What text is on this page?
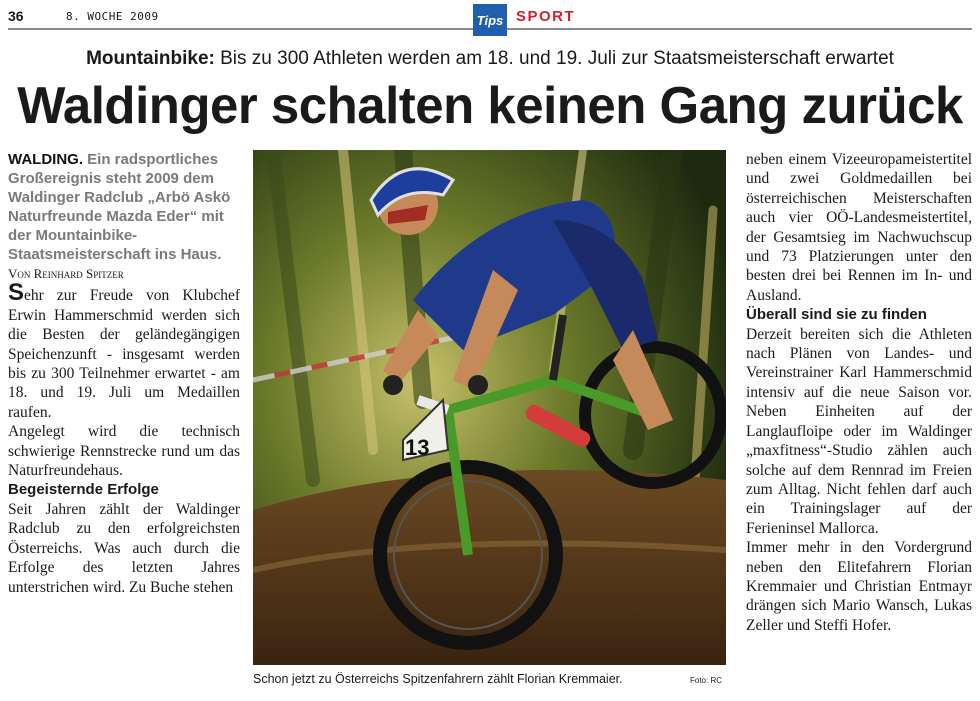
36	8. WOCHE 2009	Tips SPORT
Mountainbike: Bis zu 300 Athleten werden am 18. und 19. Juli zur Staatsmeisterschaft erwartet
Waldinger schalten keinen Gang zurück

WALDING. Ein radsportliches Großereignis steht 2009 dem Waldinger Radclub „Arbö Askö Naturfreunde Mazda Eder“ mit der Mountainbike-Staatsmeisterschaft ins Haus.

Von Reinhard Spitzer

Sehr zur Freude von Klubchef Erwin Hammerschmid werden sich die Besten der geländegängigen Speichenzunft - insgesamt werden bis zu 300 Teilnehmer erwartet - am 18. und 19. Juli um Medaillen raufen.

Angelegt wird die technisch schwierige Rennstrecke rund um das Naturfreundehaus.

Begeisternde Erfolge

Seit Jahren zählt der Waldinger Radclub zu den erfolgreichsten Österreichs. Was auch durch die Erfolge des letzten Jahres unterstrichen wird. Zu Buche stehen

13
Schon jetzt zu Österreichs Spitzenfahrern zählt Florian Kremmaier.	Foto: RC

neben einem Vizeeuropameistertitel und zwei Goldmedaillen bei österreichischen Meisterschaften auch vier OÖ-Landesmeistertitel, der Gesamtsieg im Nachwuchscup und 73 Platzierungen unter den besten drei bei Rennen im In- und Ausland.

Überall sind sie zu finden

Derzeit bereiten sich die Athleten nach Plänen von Landes- und Vereinstrainer Karl Hammerschmid intensiv auf die neue Saison vor. Neben Einheiten auf der Langlaufloipe oder im Waldinger „maxfitness“-Studio zählen auch solche auf dem Rennrad im Freien zum Alltag. Nicht fehlen darf auch ein Trainingslager auf der Ferieninsel Mallorca.

Immer mehr in den Vordergrund neben den Elitefahrern Florian Kremmaier und Christian Entmayr drängen sich Mario Wansch, Lukas Zeller und Steffi Hofer.
